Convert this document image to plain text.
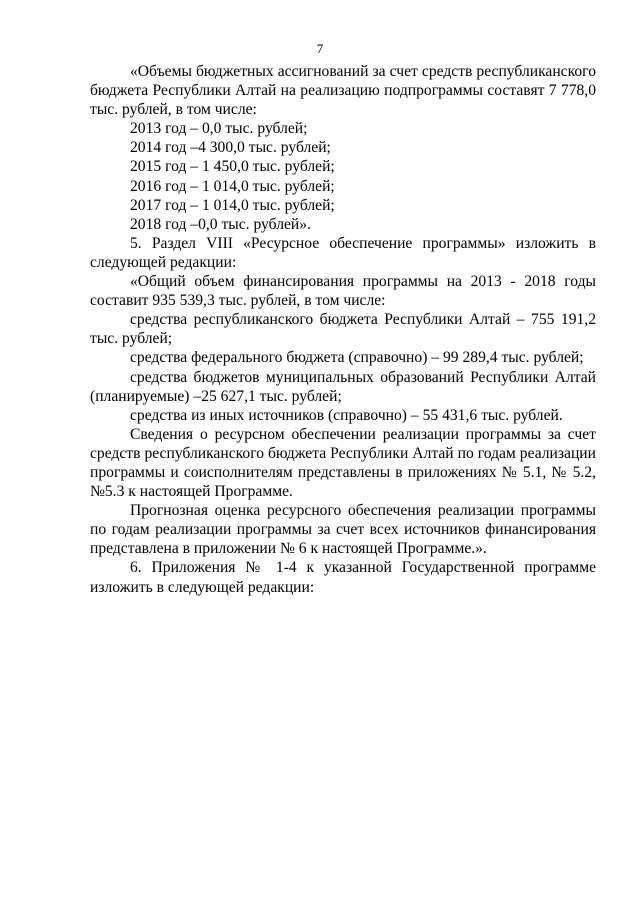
7

«Объемы бюджетных ассигнований за счет средств республиканского бюджета Республики Алтай на реализацию подпрограммы составят 7 778,0 тыс. рублей, в том числе:

2013 год – 0,0 тыс. рублей;

2014 год –4 300,0 тыс. рублей;

2015 год – 1 450,0 тыс. рублей;

2016 год – 1 014,0 тыс. рублей;

2017 год – 1 014,0 тыс. рублей;

2018 год –0,0 тыс. рублей».

5. Раздел VIII «Ресурсное обеспечение программы» изложить в следующей редакции:

«Общий объем финансирования программы на 2013 - 2018 годы составит 935 539,3 тыс. рублей, в том числе:

средства республиканского бюджета Республики Алтай – 755 191,2 тыс. рублей;

средства федерального бюджета (справочно) – 99 289,4 тыс. рублей;

средства бюджетов муниципальных образований Республики Алтай (планируемые) –25 627,1 тыс. рублей;

средства из иных источников (справочно) – 55 431,6 тыс. рублей.

Сведения о ресурсном обеспечении реализации программы за счет средств республиканского бюджета Республики Алтай по годам реализации программы и соисполнителям представлены в приложениях № 5.1, № 5.2, №5.3 к настоящей Программе.

Прогнозная оценка ресурсного обеспечения реализации программы по годам реализации программы за счет всех источников финансирования представлена в приложении № 6 к настоящей Программе.».

6. Приложения № 1-4 к указанной Государственной программе изложить в следующей редакции:
